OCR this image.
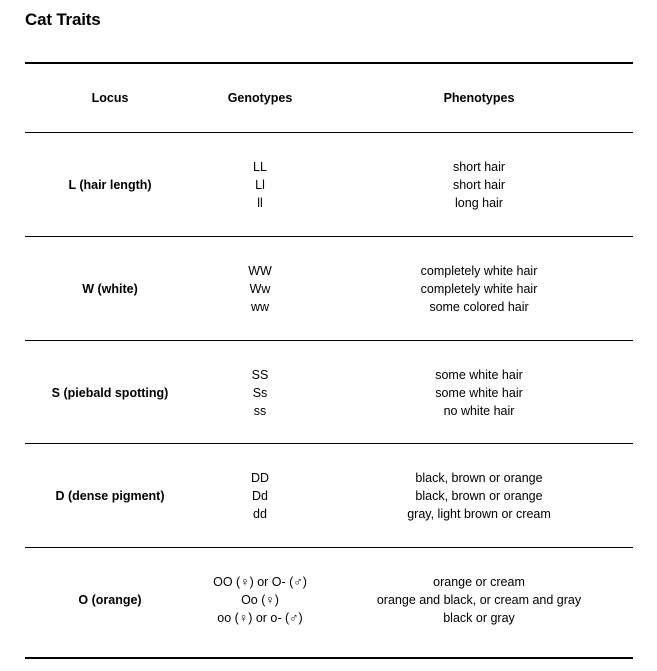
Cat Traits
Locus	Genotypes	Phenotypes
L (hair length)
LL
Ll
ll
short hair
short hair
long hair
W (white)
WW
Ww
ww
completely white hair
completely white hair
some colored hair
S (piebald spotting)
SS
Ss
ss
some white hair
some white hair
no white hair
D (dense pigment)
DD
Dd
dd
black, brown or orange
black, brown or orange
gray, light brown or cream
O (orange)
OO (♀) or O- (♂)
Oo (♀)
oo (♀) or o- (♂)
orange or cream
orange and black, or cream and gray
black or gray
